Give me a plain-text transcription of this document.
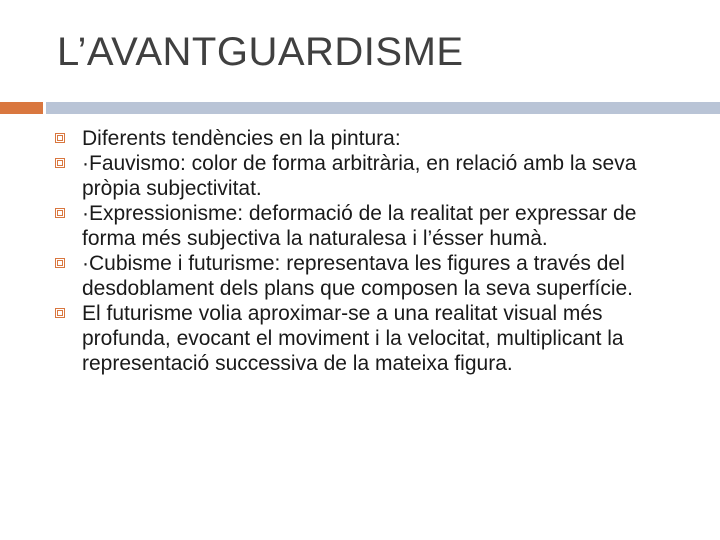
L’AVANTGUARDISME
Diferents tendències en la pintura:
·Fauvismo: color de forma arbitrària, en relació amb la seva pròpia subjectivitat.
·Expressionisme: deformació de la realitat per expressar de forma més subjectiva la naturalesa i l’ésser humà.
·Cubisme i futurisme: representava les figures a través del desdoblament dels plans que composen la seva superfície.
El futurisme volia aproximar-se a una realitat visual més profunda, evocant el moviment i la velocitat, multiplicant la representació successiva de la mateixa figura.
